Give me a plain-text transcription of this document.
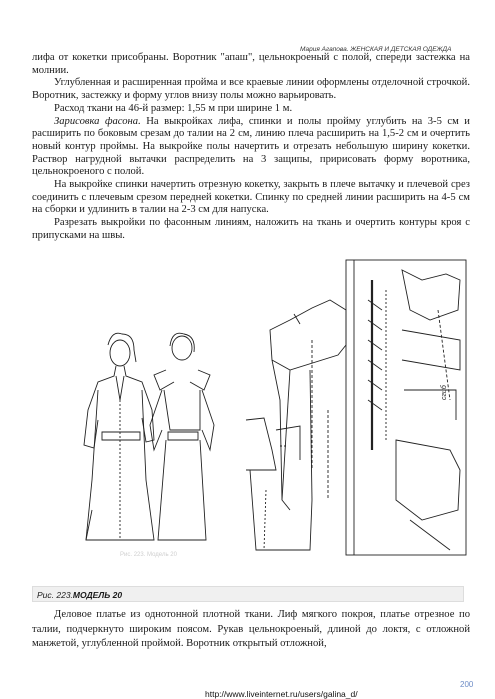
Мария Агапова. ЖЕНСКАЯ И ДЕТСКАЯ ОДЕЖДА

лифа от кокетки присобраны. Воротник "апаш", цельнокроеный с полой, спереди застежка на молнии.

Углубленная и расширенная пройма и все краевые линии оформлены отделочной строчкой. Воротник, застежку и форму углов внизу полы можно варьировать.

Расход ткани на 46-й размер: 1,55 м при ширине 1 м.

Зарисовка фасона. На выкройках лифа, спинки и полы пройму углубить на 3-5 см и расширить по боковым срезам до талии на 2 см, линию плеча расширить на 1,5-2 см и очертить новый контур проймы. На выкройке полы начертить и отрезать небольшую ширину кокетки. Раствор нагрудной вытачки распределить на 3 защипы, пририсовать форму воротника, цельнокроеного с полой.

На выкройке спинки начертить отрезную кокетку, закрыть в плече вытачку и плечевой срез соединить с плечевым срезом передней кокетки. Спинку по средней линии расширить на 4-5 см на сборки и удлинить в талии на 2-3 см для напуска.

Разрезать выкройки по фасонным линиям, наложить на ткань и очертить контуры кроя с припусками на швы.

Рис. 223. Модель 20
сгиб
Рис. 223.МОДЕЛЬ 20

Деловое платье из однотонной плотной ткани. Лиф мягкого покроя, платье отрезное по талии, подчеркнуто широким поясом. Рукав цельнокроеный, длиной до локтя, с отложной манжетой, углубленной проймой. Воротник открытый отложной,

200
http://www.liveinternet.ru/users/galina_d/
